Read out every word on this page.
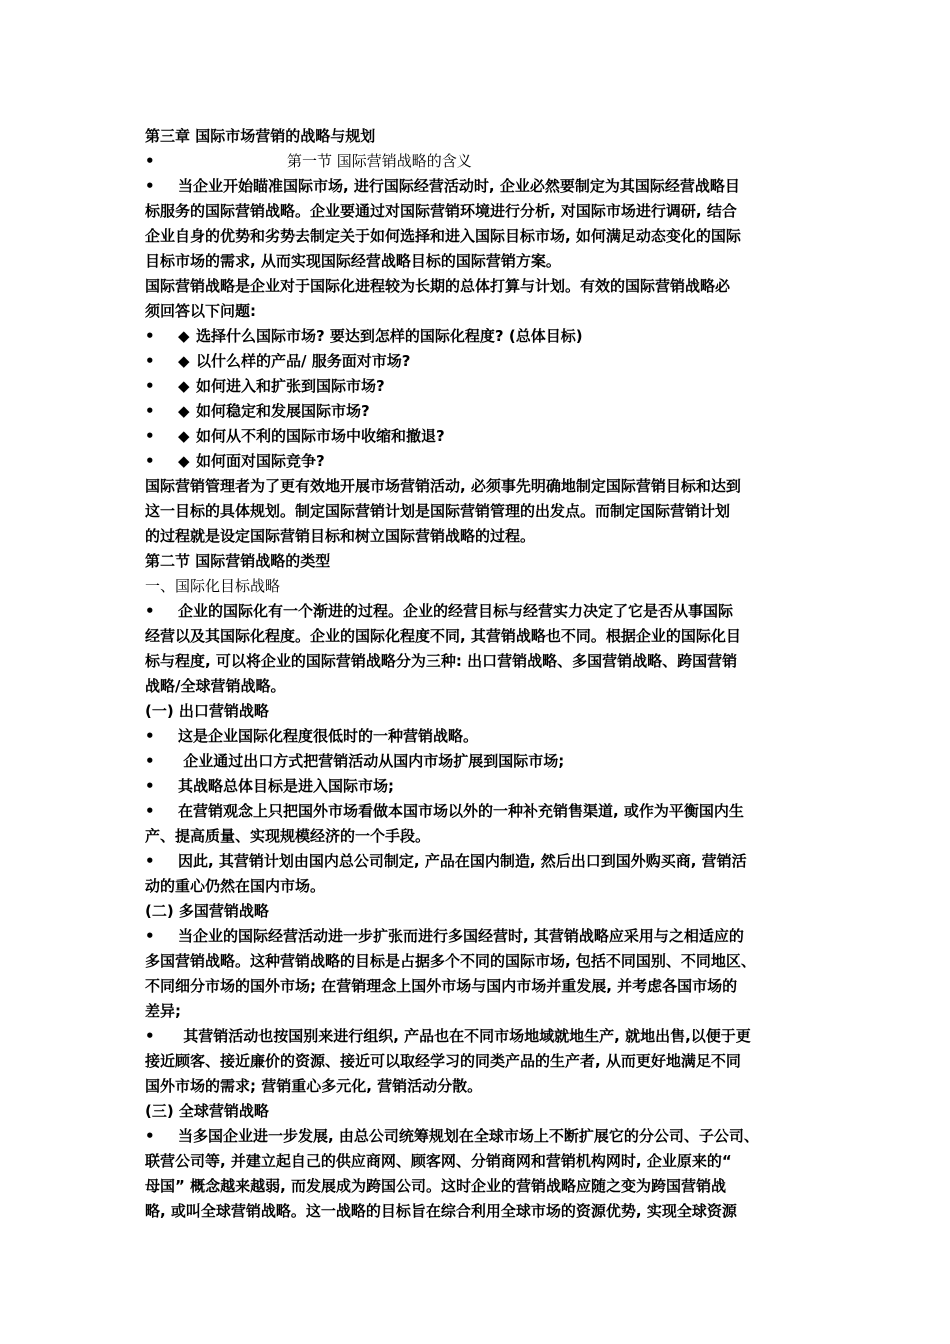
第三章 国际市场营销的战略与规划
•	第一节 国际营销战略的含义
• 当企业开始瞄准国际市场, 进行国际经营活动时, 企业必然要制定为其国际经营战略目
标服务的国际营销战略。企业要通过对国际营销环境进行分析, 对国际市场进行调研, 结合
企业自身的优势和劣势去制定关于如何选择和进入国际目标市场, 如何满足动态变化的国际
目标市场的需求, 从而实现国际经营战略目标的国际营销方案。
国际营销战略是企业对于国际化进程较为长期的总体打算与计划。有效的国际营销战略必
须回答以下问题:
• ◆ 选择什么国际市场? 要达到怎样的国际化程度? (总体目标)
• ◆ 以什么样的产品/ 服务面对市场?
• ◆ 如何进入和扩张到国际市场?
• ◆ 如何稳定和发展国际市场?
• ◆ 如何从不利的国际市场中收缩和撤退?
• ◆ 如何面对国际竞争?
国际营销管理者为了更有效地开展市场营销活动, 必须事先明确地制定国际营销目标和达到
这一目标的具体规划。制定国际营销计划是国际营销管理的出发点。而制定国际营销计划
的过程就是设定国际营销目标和树立国际营销战略的过程。
第二节 国际营销战略的类型
一、国际化目标战略
• 企业的国际化有一个渐进的过程。企业的经营目标与经营实力决定了它是否从事国际
经营以及其国际化程度。企业的国际化程度不同, 其营销战略也不同。根据企业的国际化目
标与程度, 可以将企业的国际营销战略分为三种: 出口营销战略、多国营销战略、跨国营销
战略/全球营销战略。
(一) 出口营销战略
• 这是企业国际化程度很低时的一种营销战略。
• 企业通过出口方式把营销活动从国内市场扩展到国际市场;
• 其战略总体目标是进入国际市场;
• 在营销观念上只把国外市场看做本国市场以外的一种补充销售渠道, 或作为平衡国内生
产、提高质量、实现规模经济的一个手段。
• 因此, 其营销计划由国内总公司制定, 产品在国内制造, 然后出口到国外购买商, 营销活
动的重心仍然在国内市场。
(二) 多国营销战略
• 当企业的国际经营活动进一步扩张而进行多国经营时, 其营销战略应采用与之相适应的
多国营销战略。这种营销战略的目标是占据多个不同的国际市场, 包括不同国别、不同地区、
不同细分市场的国外市场; 在营销理念上国外市场与国内市场并重发展, 并考虑各国市场的
差异;
• 其营销活动也按国别来进行组织, 产品也在不同市场地域就地生产, 就地出售,以便于更
接近顾客、接近廉价的资源、接近可以取经学习的同类产品的生产者, 从而更好地满足不同
国外市场的需求; 营销重心多元化, 营销活动分散。
(三) 全球营销战略
• 当多国企业进一步发展, 由总公司统筹规划在全球市场上不断扩展它的分公司、子公司、
联营公司等, 并建立起自己的供应商网、顾客网、分销商网和营销机构网时, 企业原来的“
母国” 概念越来越弱, 而发展成为跨国公司。这时企业的营销战略应随之变为跨国营销战
略, 或叫全球营销战略。这一战略的目标旨在综合利用全球市场的资源优势, 实现全球资源
